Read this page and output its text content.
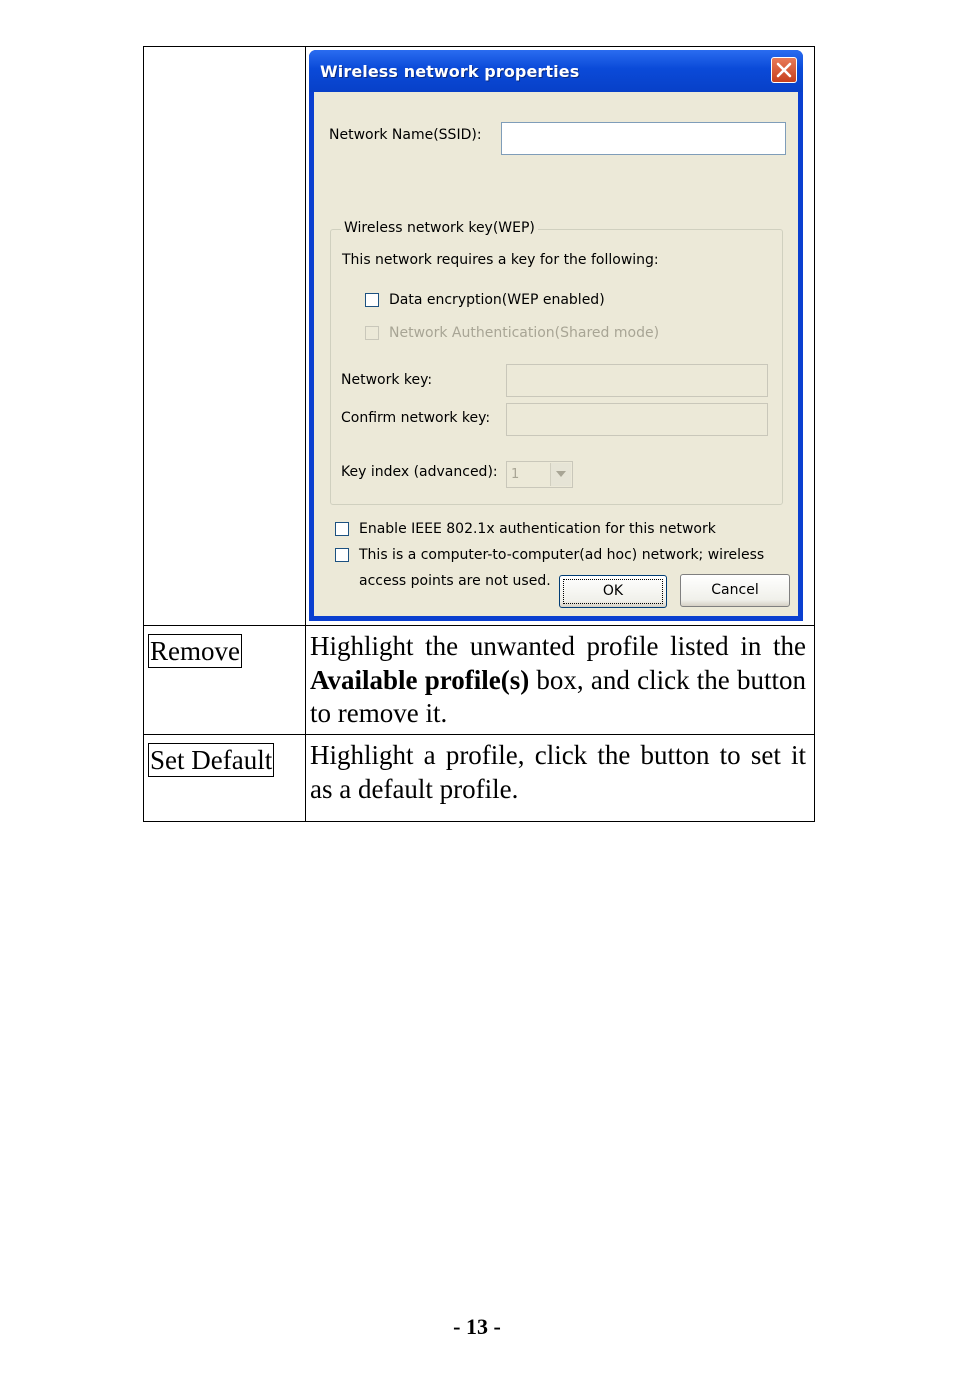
Wireless network properties
Network Name(SSID):
Wireless network key(WEP)
This network requires a key for the following:
Data encryption(WEP enabled)
Network Authentication(Shared mode)
Network key:
Confirm network key:
Key index (advanced): 1
Enable IEEE 802.1x authentication for this network
This is a computer-to-computer(ad hoc) network; wireless
access points are not used.
OK	Cancel
Remove	Highlight the unwanted profile listed in the Available profile(s) box, and click the button to remove it.
Set Default Highlight a profile, click the button to set it as a default profile.
- 13 -
